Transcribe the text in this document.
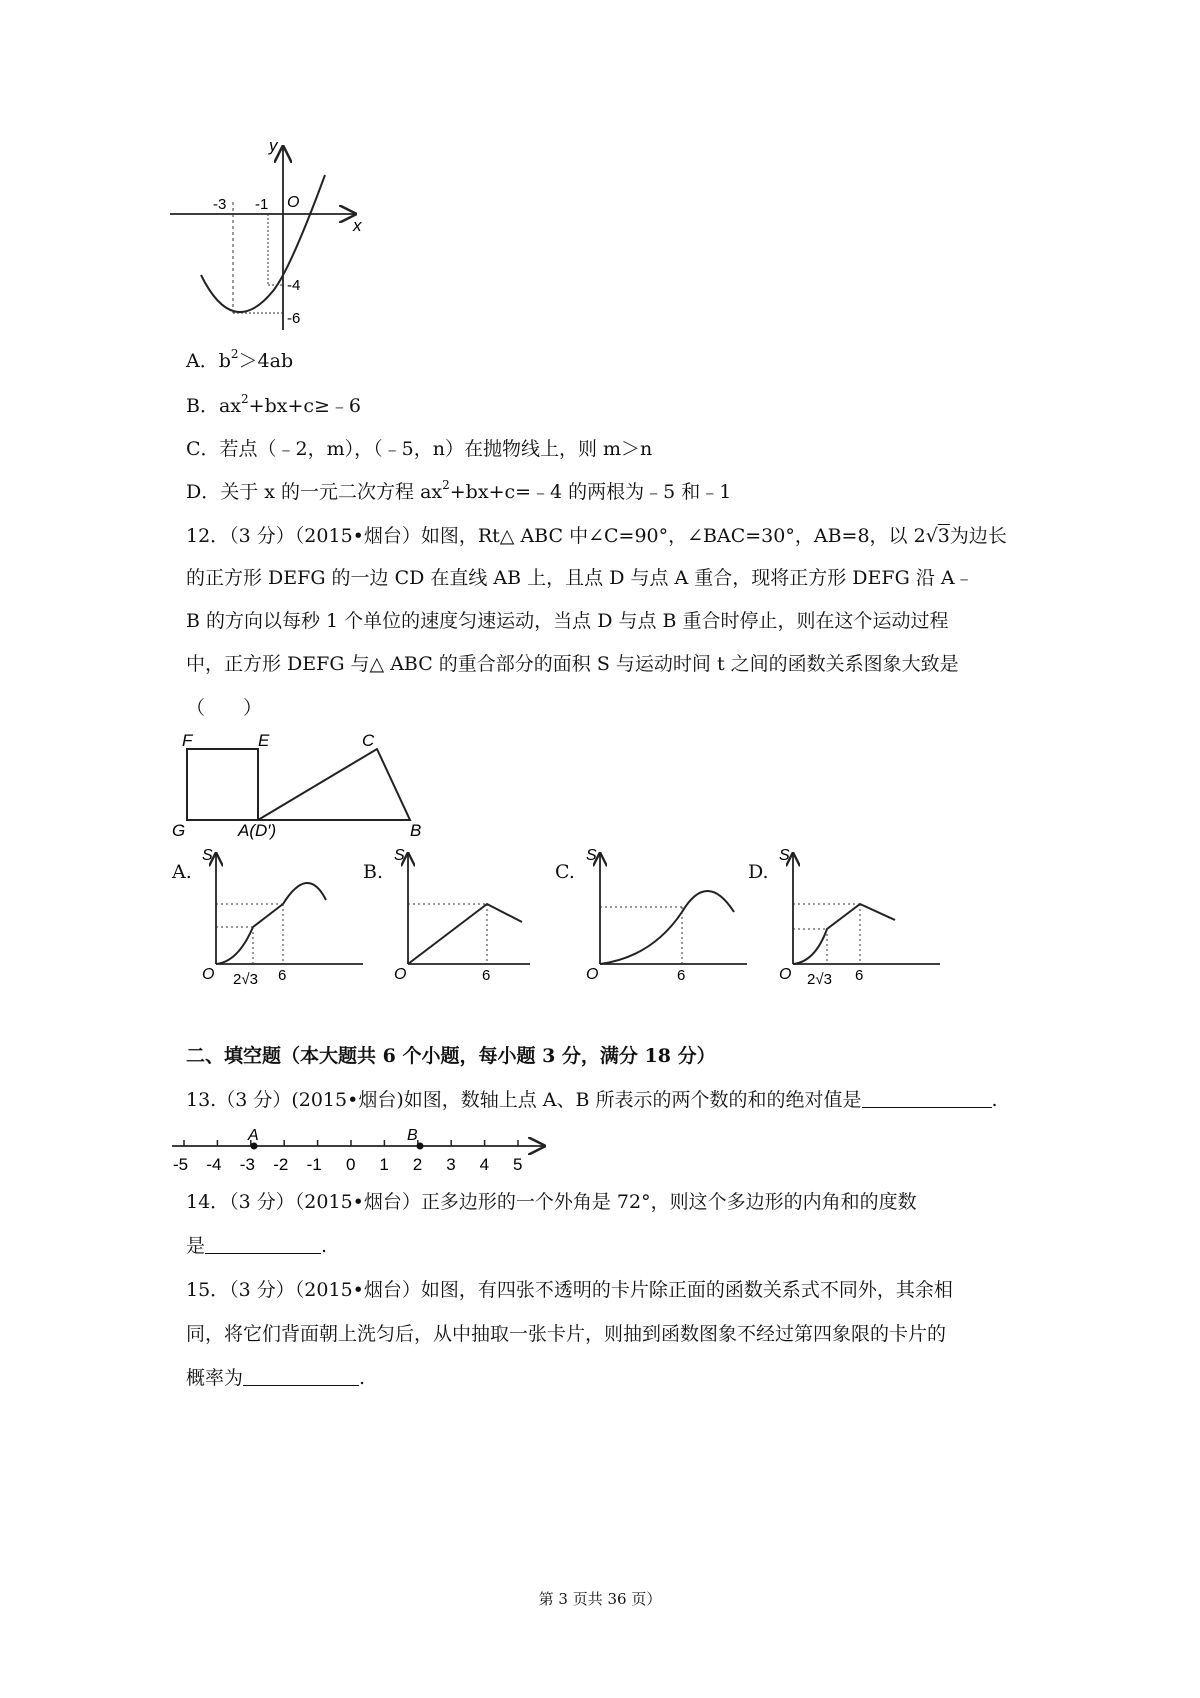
y
x
O
-3 -1
-4
-6
A．$b^2>4ab$
B．$ax^2+bx+c\ge﹣6$
C．若点（﹣2，m），（﹣5，n）在抛物线上，则 m＞n
D．关于 x 的一元二次方程 $ax^2+bx+c=﹣4$ 的两根为﹣5 和﹣1
12．（3 分）（2015•烟台）如图，Rt△ ABC 中∠C=90°，∠BAC=30°，AB=8，以 2√3为边长
的正方形 DEFG 的一边 CD 在直线 AB 上，且点 D 与点 A 重合，现将正方形 DEFG 沿 A﹣
B 的方向以每秒 1 个单位的速度匀速运动，当点 D 与点 B 重合时停止，则在这个运动过程
中，正方形 DEFG 与△ ABC 的重合部分的面积 S 与运动时间 t 之间的函数关系图象大致是
（　　）
F	E	C
G	A(D′)	B
A.
S
O 2√3 6
B.
S
O	6
C.
S
O	6
D.
S
O 2√3 6
二、填空题（本大题共 6 个小题，每小题 3 分，满分 18 分）
13.（3 分）(2015•烟台)如图，数轴上点 A、B 所表示的两个数的和的绝对值是	.
-5 -4 -3 -2 -1 0 1 2 3 4 5
A	B
14．（3 分）（2015•烟台）正多边形的一个外角是 72°，则这个多边形的内角和的度数
是	.
15．（3 分）（2015•烟台）如图，有四张不透明的卡片除正面的函数关系式不同外，其余相
同，将它们背面朝上洗匀后，从中抽取一张卡片，则抽到函数图象不经过第四象限的卡片的
概率为	.
第 3 页共 36 页）
